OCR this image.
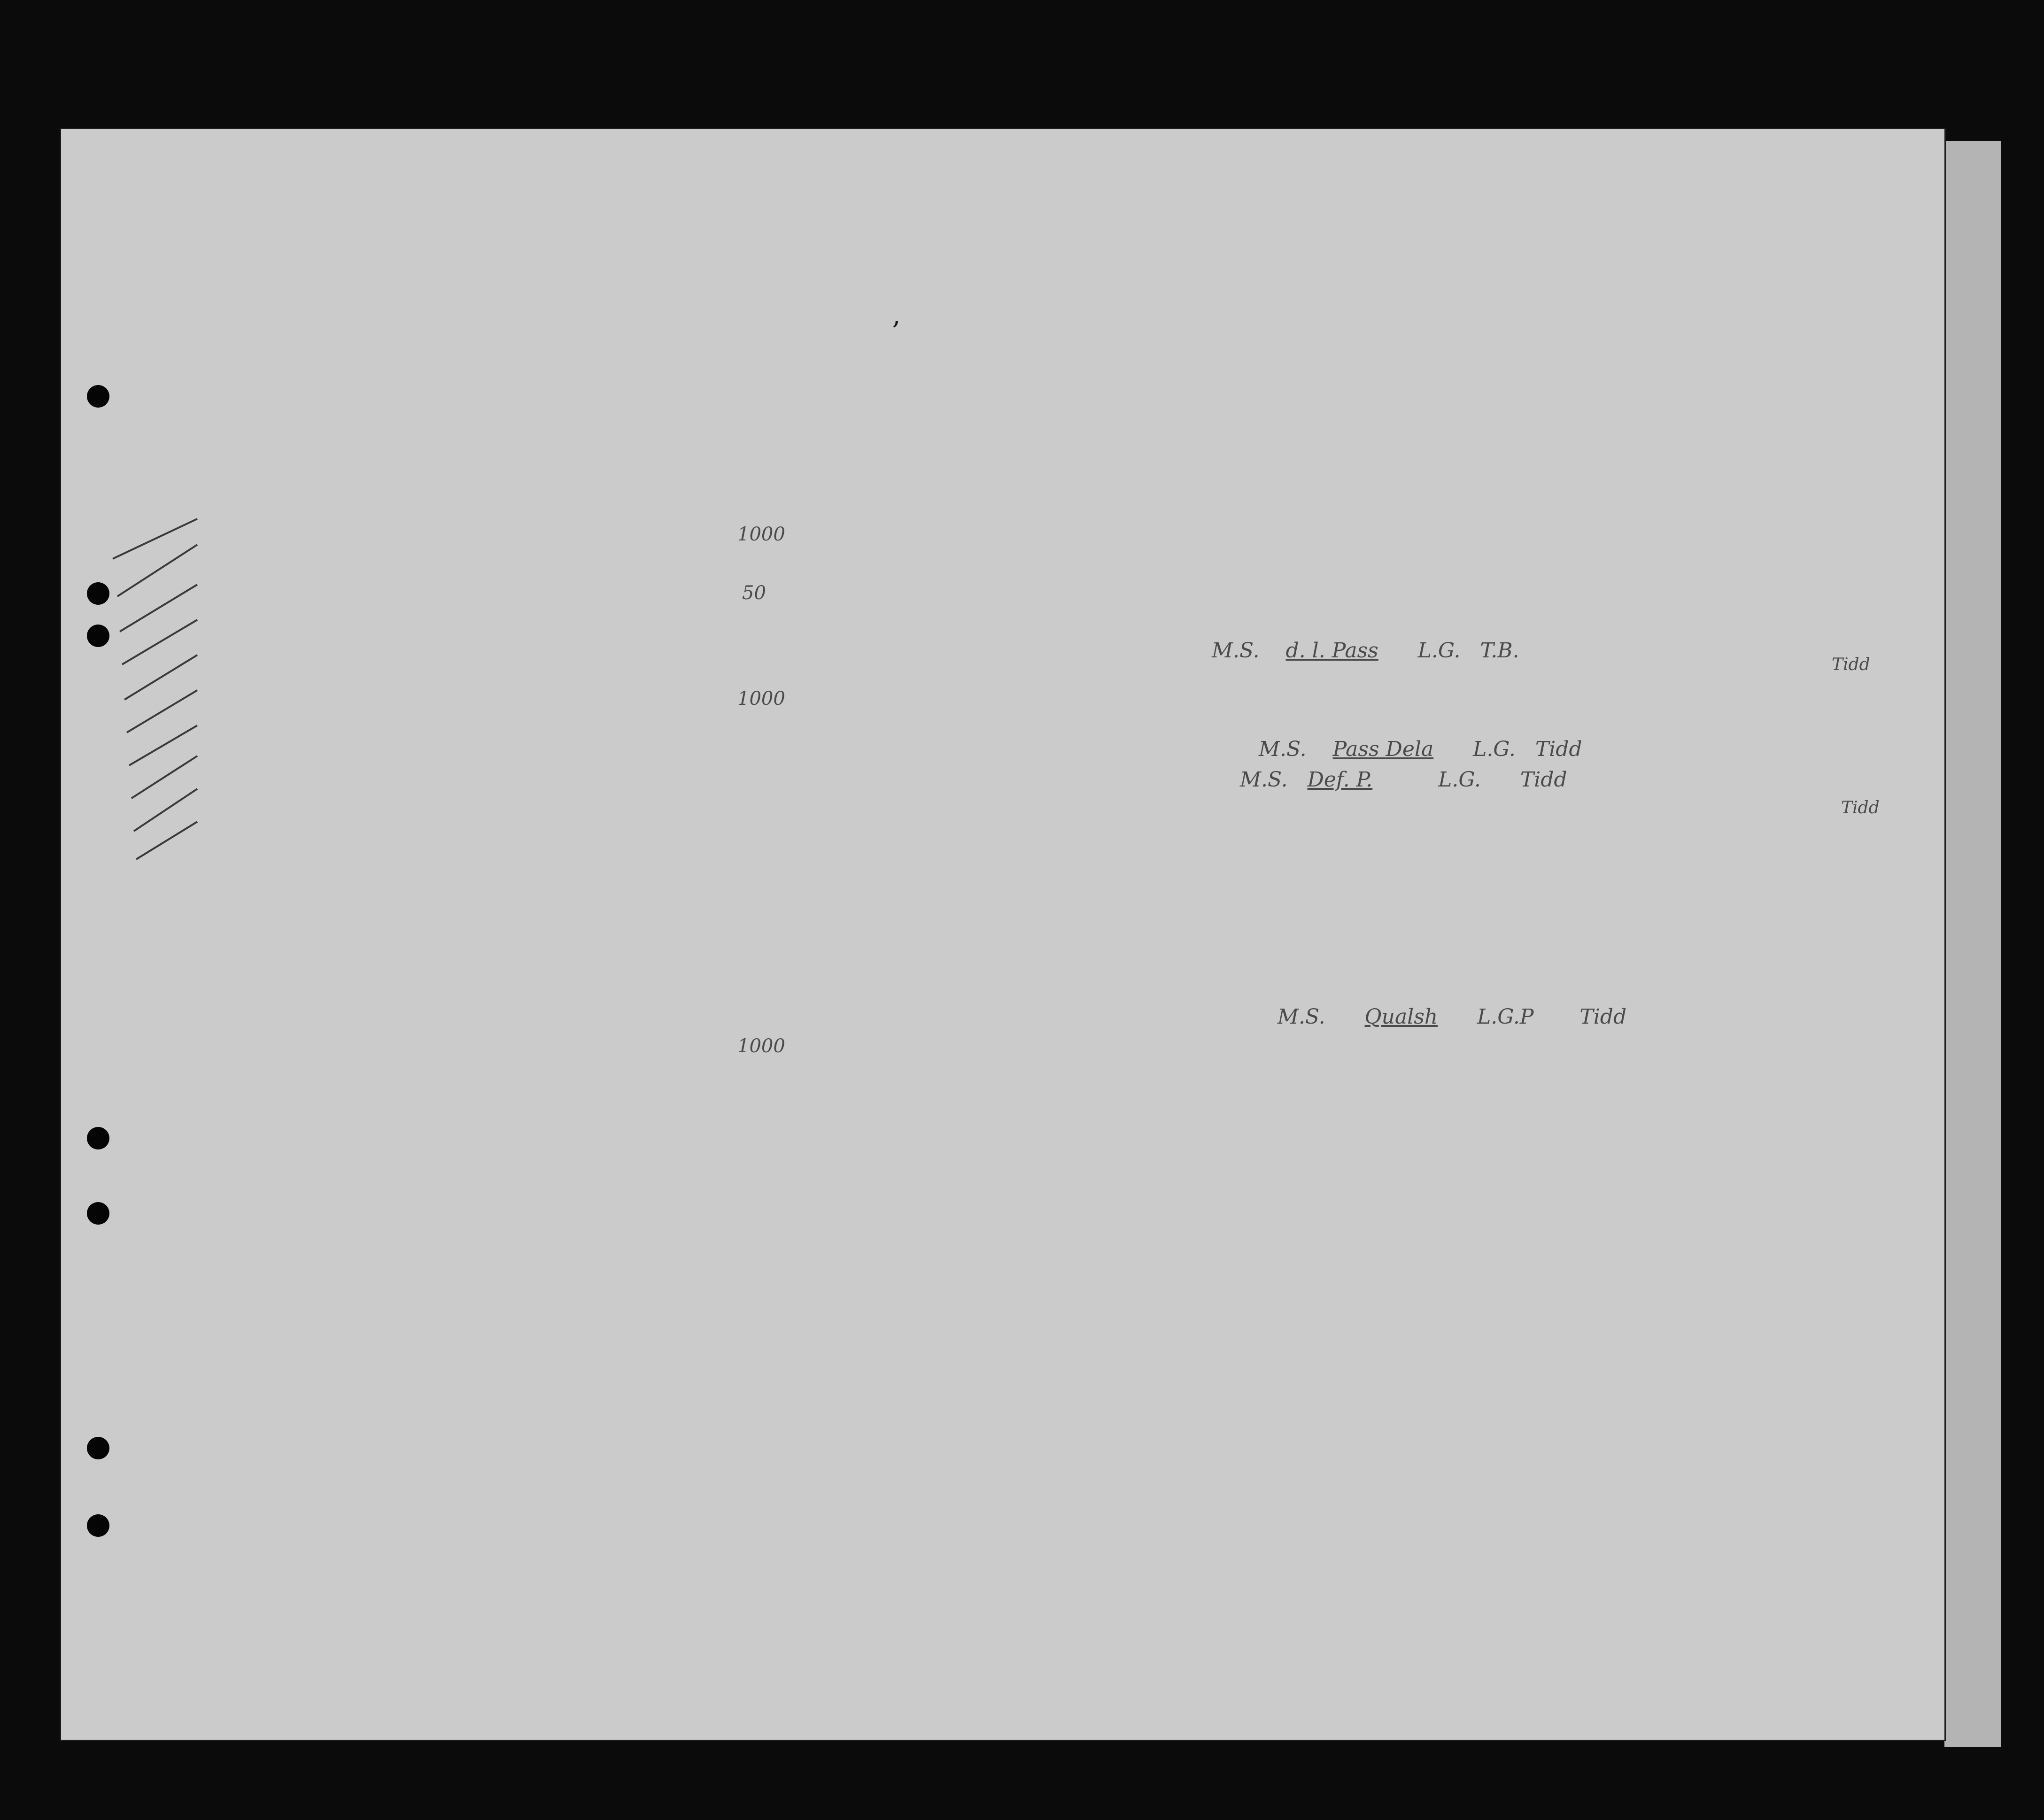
,
1000
1000
1000
50
M.S.    d. l. Pass      L.G.   T.B.
M.S.    Pass Dela      L.G.   Tidd
M.S.   Def. P.          L.G.      Tidd
M.S.      Qualsh      L.G.P       Tidd
Tidd
Tidd
